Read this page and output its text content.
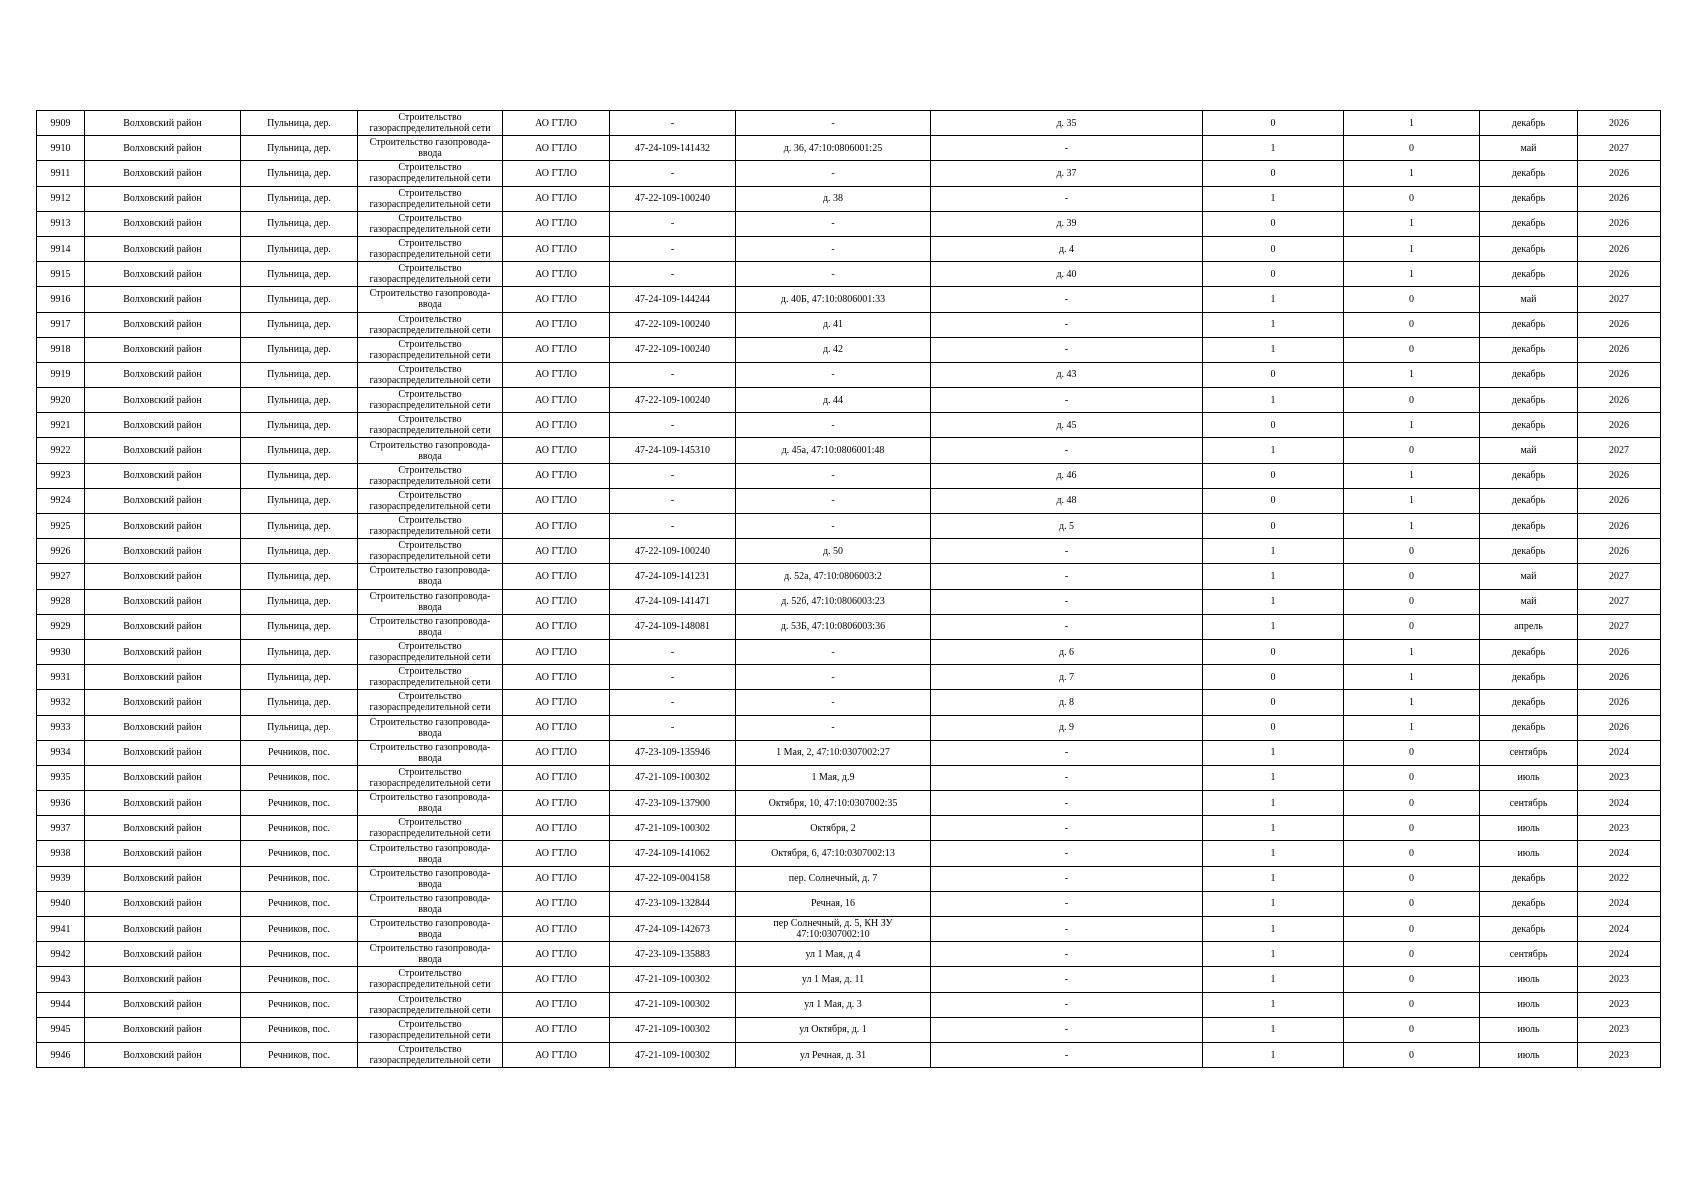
9909	Волховский район	Пульница, дер.	Строительство газораспределительной сети	АО ГТЛО	-	-	д. 35	0	1	декабрь	2026
9910	Волховский район	Пульница, дер.	Строительство газопровода-ввода	АО ГТЛО	47-24-109-141432	д. 36, 47:10:0806001:25	-	1	0	май	2027
9911	Волховский район	Пульница, дер.	Строительство газораспределительной сети	АО ГТЛО	-	-	д. 37	0	1	декабрь	2026
9912	Волховский район	Пульница, дер.	Строительство газораспределительной сети	АО ГТЛО	47-22-109-100240	д. 38	-	1	0	декабрь	2026
9913	Волховский район	Пульница, дер.	Строительство газораспределительной сети	АО ГТЛО	-	-	д. 39	0	1	декабрь	2026
9914	Волховский район	Пульница, дер.	Строительство газораспределительной сети	АО ГТЛО	-	-	д. 4	0	1	декабрь	2026
9915	Волховский район	Пульница, дер.	Строительство газораспределительной сети	АО ГТЛО	-	-	д. 40	0	1	декабрь	2026
9916	Волховский район	Пульница, дер.	Строительство газопровода-ввода	АО ГТЛО	47-24-109-144244	д. 40Б, 47:10:0806001:33	-	1	0	май	2027
9917	Волховский район	Пульница, дер.	Строительство газораспределительной сети	АО ГТЛО	47-22-109-100240	д. 41	-	1	0	декабрь	2026
9918	Волховский район	Пульница, дер.	Строительство газораспределительной сети	АО ГТЛО	47-22-109-100240	д. 42	-	1	0	декабрь	2026
9919	Волховский район	Пульница, дер.	Строительство газораспределительной сети	АО ГТЛО	-	-	д. 43	0	1	декабрь	2026
9920	Волховский район	Пульница, дер.	Строительство газораспределительной сети	АО ГТЛО	47-22-109-100240	д. 44	-	1	0	декабрь	2026
9921	Волховский район	Пульница, дер.	Строительство газораспределительной сети	АО ГТЛО	-	-	д. 45	0	1	декабрь	2026
9922	Волховский район	Пульница, дер.	Строительство газопровода-ввода	АО ГТЛО	47-24-109-145310	д. 45а, 47:10:0806001:48	-	1	0	май	2027
9923	Волховский район	Пульница, дер.	Строительство газораспределительной сети	АО ГТЛО	-	-	д. 46	0	1	декабрь	2026
9924	Волховский район	Пульница, дер.	Строительство газораспределительной сети	АО ГТЛО	-	-	д. 48	0	1	декабрь	2026
9925	Волховский район	Пульница, дер.	Строительство газораспределительной сети	АО ГТЛО	-	-	д. 5	0	1	декабрь	2026
9926	Волховский район	Пульница, дер.	Строительство газораспределительной сети	АО ГТЛО	47-22-109-100240	д. 50	-	1	0	декабрь	2026
9927	Волховский район	Пульница, дер.	Строительство газопровода-ввода	АО ГТЛО	47-24-109-141231	д. 52а, 47:10:0806003:2	-	1	0	май	2027
9928	Волховский район	Пульница, дер.	Строительство газопровода-ввода	АО ГТЛО	47-24-109-141471	д. 52б, 47:10:0806003:23	-	1	0	май	2027
9929	Волховский район	Пульница, дер.	Строительство газопровода-ввода	АО ГТЛО	47-24-109-148081	д. 53Б, 47:10:0806003:36	-	1	0	апрель	2027
9930	Волховский район	Пульница, дер.	Строительство газораспределительной сети	АО ГТЛО	-	-	д. 6	0	1	декабрь	2026
9931	Волховский район	Пульница, дер.	Строительство газораспределительной сети	АО ГТЛО	-	-	д. 7	0	1	декабрь	2026
9932	Волховский район	Пульница, дер.	Строительство газораспределительной сети	АО ГТЛО	-	-	д. 8	0	1	декабрь	2026
9933	Волховский район	Пульница, дер.	Строительство газопровода-ввода	АО ГТЛО	-	-	д. 9	0	1	декабрь	2026
9934	Волховский район	Речников, пос.	Строительство газопровода-ввода	АО ГТЛО	47-23-109-135946	1 Мая, 2, 47:10:0307002:27	-	1	0	сентябрь	2024
9935	Волховский район	Речников, пос.	Строительство газораспределительной сети	АО ГТЛО	47-21-109-100302	1 Мая, д.9	-	1	0	июль	2023
9936	Волховский район	Речников, пос.	Строительство газопровода-ввода	АО ГТЛО	47-23-109-137900	Октября, 10, 47:10:0307002:35	-	1	0	сентябрь	2024
9937	Волховский район	Речников, пос.	Строительство газораспределительной сети	АО ГТЛО	47-21-109-100302	Октября, 2	-	1	0	июль	2023
9938	Волховский район	Речников, пос.	Строительство газопровода-ввода	АО ГТЛО	47-24-109-141062	Октября, 6, 47:10:0307002:13	-	1	0	июль	2024
9939	Волховский район	Речников, пос.	Строительство газопровода-ввода	АО ГТЛО	47-22-109-004158	пер. Солнечный, д. 7	-	1	0	декабрь	2022
9940	Волховский район	Речников, пос.	Строительство газопровода-ввода	АО ГТЛО	47-23-109-132844	Речная, 16	-	1	0	декабрь	2024
9941	Волховский район	Речников, пос.	Строительство газопровода-ввода	АО ГТЛО	47-24-109-142673	пер Солнечный, д. 5, КН ЗУ 47:10:0307002:10	-	1	0	декабрь	2024
9942	Волховский район	Речников, пос.	Строительство газопровода-ввода	АО ГТЛО	47-23-109-135883	ул 1 Мая, д 4	-	1	0	сентябрь	2024
9943	Волховский район	Речников, пос.	Строительство газораспределительной сети	АО ГТЛО	47-21-109-100302	ул 1 Мая, д. 11	-	1	0	июль	2023
9944	Волховский район	Речников, пос.	Строительство газораспределительной сети	АО ГТЛО	47-21-109-100302	ул 1 Мая, д. 3	-	1	0	июль	2023
9945	Волховский район	Речников, пос.	Строительство газораспределительной сети	АО ГТЛО	47-21-109-100302	ул Октября, д. 1	-	1	0	июль	2023
9946	Волховский район	Речников, пос.	Строительство газораспределительной сети	АО ГТЛО	47-21-109-100302	ул Речная, д. 31	-	1	0	июль	2023
